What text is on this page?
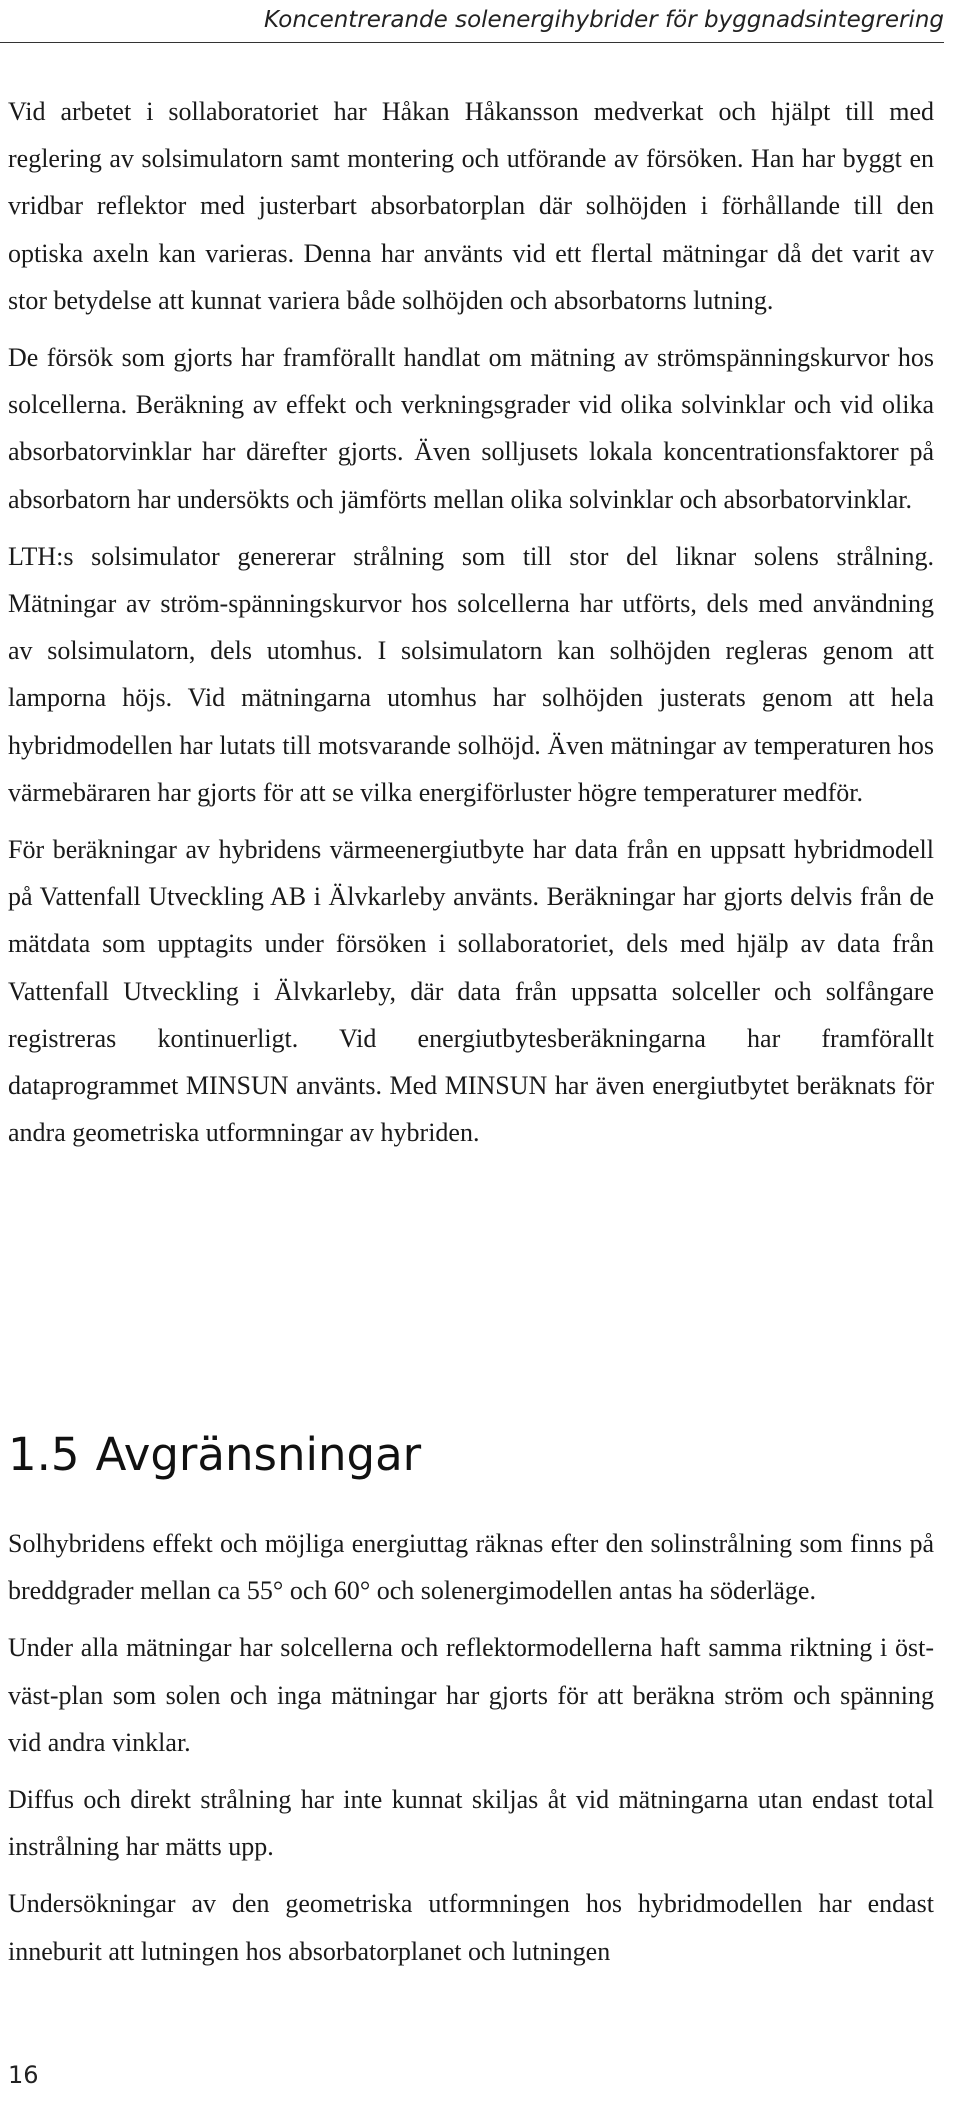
Koncentrerande solenergihybrider för byggnadsintegrering

Vid arbetet i sollaboratoriet har Håkan Håkansson medverkat och hjälpt till med reglering av solsimulatorn samt montering och utförande av försöken. Han har byggt en vridbar reflektor med justerbart absorbatorplan där solhöjden i förhållande till den optiska axeln kan varieras. Denna har använts vid ett flertal mätningar då det varit av stor betydelse att kunnat variera både solhöjden och absorbatorns lutning.

De försök som gjorts har framförallt handlat om mätning av strömspänningskurvor hos solcellerna. Beräkning av effekt och verkningsgrader vid olika solvinklar och vid olika absorbatorvinklar har därefter gjorts. Även solljusets lokala koncentrationsfaktorer på absorbatorn har undersökts och jämförts mellan olika solvinklar och absorbatorvinklar.

LTH:s solsimulator genererar strålning som till stor del liknar solens strålning. Mätningar av ström-spänningskurvor hos solcellerna har utförts, dels med användning av solsimulatorn, dels utomhus. I solsimulatorn kan solhöjden regleras genom att lamporna höjs. Vid mätningarna utomhus har solhöjden justerats genom att hela hybridmodellen har lutats till motsvarande solhöjd. Även mätningar av temperaturen hos värmebäraren har gjorts för att se vilka energiförluster högre temperaturer medför.

För beräkningar av hybridens värmeenergiutbyte har data från en uppsatt hybridmodell på Vattenfall Utveckling AB i Älvkarleby använts. Beräkningar har gjorts delvis från de mätdata som upptagits under försöken i sollaboratoriet, dels med hjälp av data från Vattenfall Utveckling i Älvkarleby, där data från uppsatta solceller och solfångare registreras kontinuerligt. Vid energiutbytesberäkningarna har framförallt dataprogrammet MINSUN använts. Med MINSUN har även energiutbytet beräknats för andra geometriska utformningar av hybriden.

1.5 Avgränsningar

Solhybridens effekt och möjliga energiuttag räknas efter den solinstrålning som finns på breddgrader mellan ca 55° och 60° och solenergimodellen antas ha söderläge.

Under alla mätningar har solcellerna och reflektormodellerna haft samma riktning i öst-väst-plan som solen och inga mätningar har gjorts för att beräkna ström och spänning vid andra vinklar.

Diffus och direkt strålning har inte kunnat skiljas åt vid mätningarna utan endast total instrålning har mätts upp.

Undersökningar av den geometriska utformningen hos hybridmodellen har endast inneburit att lutningen hos absorbatorplanet och lutningen

16
